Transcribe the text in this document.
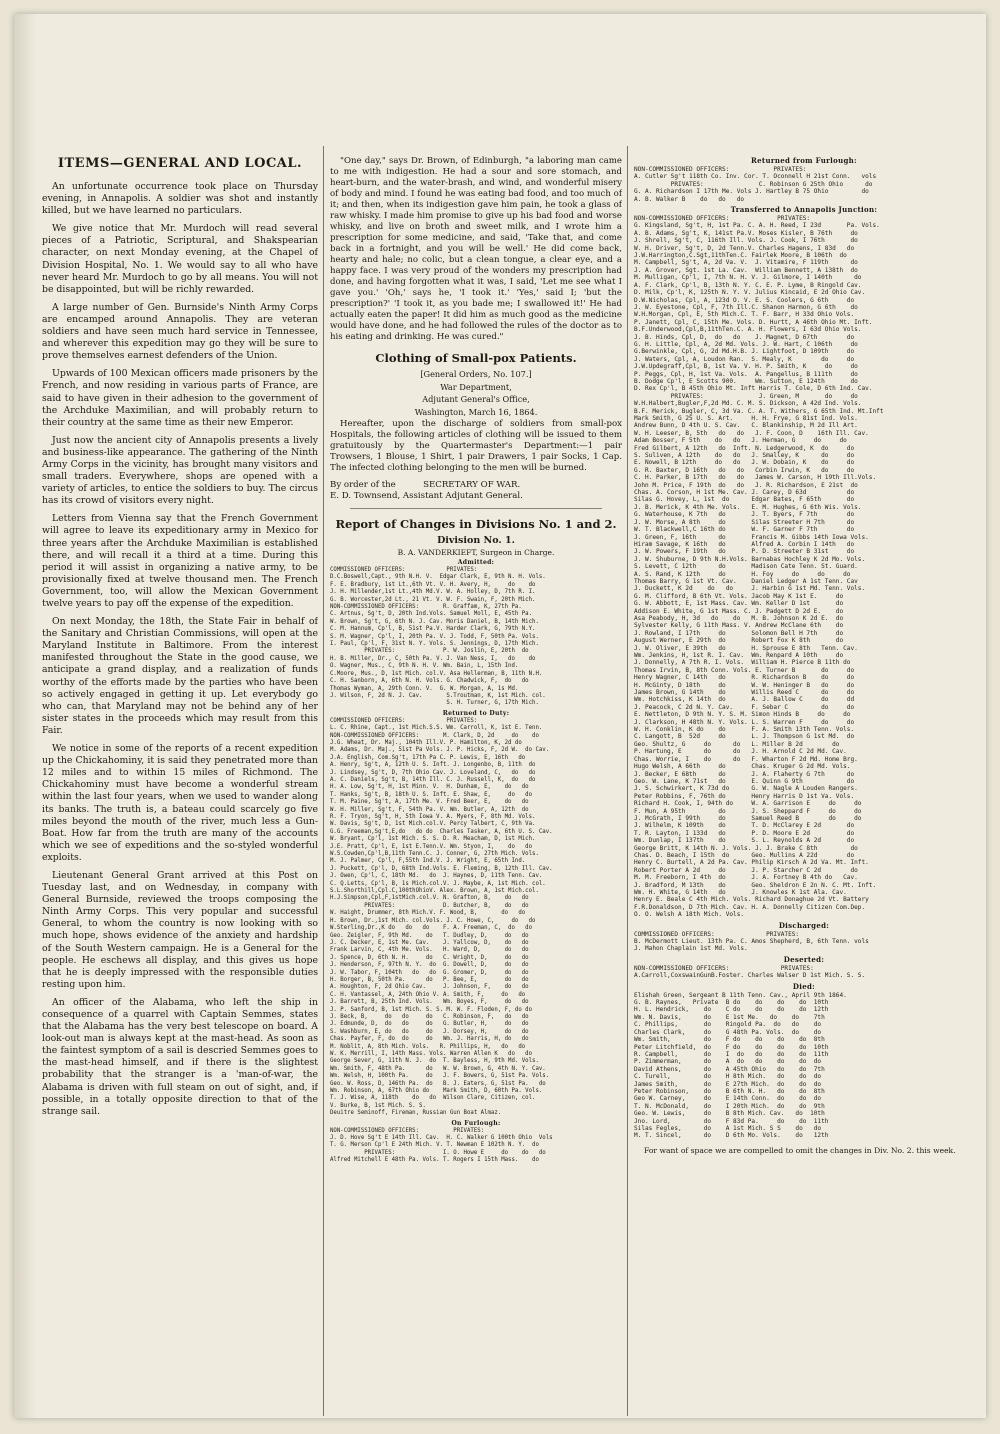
ITEMS—GENERAL AND LOCAL.

An unfortunate occurrence took place on Thursday evening, in Annapolis. A soldier was shot and instantly killed, but we have learned no particulars.

We give notice that Mr. Murdoch will read several pieces of a Patriotic, Scriptural, and Shakspearian character, on next Monday evening, at the Chapel of Division Hospital, No. 1. We would say to all who have never heard Mr. Murdoch to go by all means. You will not be disappointed, but will be richly rewarded.

A large number of Gen. Burnside's Ninth Army Corps are encamped around Annapolis. They are veteran soldiers and have seen much hard service in Tennessee, and wherever this expedition may go they will be sure to prove themselves earnest defenders of the Union.

Upwards of 100 Mexican officers made prisoners by the French, and now residing in various parts of France, are said to have given in their adhesion to the government of the Archduke Maximilian, and will probably return to their country at the same time as their new Emperor.

Just now the ancient city of Annapolis presents a lively and business-like appearance. The gathering of the Ninth Army Corps in the vicinity, has brought many visitors and small traders. Everywhere, shops are opened with a variety of articles, to entice the soldiers to buy. The circus has its crowd of visitors every night.

Letters from Vienna say that the French Government will agree to leave its expeditionary army in Mexico for three years after the Archduke Maximilian is established there, and will recall it a third at a time. During this period it will assist in organizing a native army, to be provisionally fixed at twelve thousand men. The French Government, too, will allow the Mexican Government twelve years to pay off the expense of the expedition.

On next Monday, the 18th, the State Fair in behalf of the Sanitary and Christian Commissions, will open at the Maryland Institute in Baltimore. From the interest manifested throughout the State in the good cause, we anticipate a grand display, and a realization of funds worthy of the efforts made by the parties who have been so actively engaged in getting it up. Let everybody go who can, that Maryland may not be behind any of her sister states in the proceeds which may result from this Fair.

We notice in some of the reports of a recent expedition up the Chickahominy, it is said they penetrated more than 12 miles and to within 15 miles of Richmond. The Chickahominy must have become a wonderful stream within the last four years, when we used to wander along its banks. The truth is, a bateau could scarcely go five miles beyond the mouth of the river, much less a Gun-Boat. How far from the truth are many of the accounts which we see of expeditions and the so-styled wonderful exploits.

Lieutenant General Grant arrived at this Post on Tuesday last, and on Wednesday, in company with General Burnside, reviewed the troops composing the Ninth Army Corps. This very popular and successful General, to whom the country is now looking with so much hope, shows evidence of the anxiety and hardship of the South Western campaign. He is a General for the people. He eschews all display, and this gives us hope that he is deeply impressed with the responsible duties resting upon him.

An officer of the Alabama, who left the ship in consequence of a quarrel with Captain Semmes, states that the Alabama has the very best telescope on board. A look-out man is always kept at the mast-head. As soon as the faintest symptom of a sail is descried Semmes goes to the mast-head himself, and if there is the slightest probability that the stranger is a 'man-of-war, the Alabama is driven with full steam on out of sight, and, if possible, in a totally opposite direction to that of the strange sail.

"One day," says Dr. Brown, of Edinburgh, "a laboring man came to me with indigestion. He had a sour and sore stomach, and heart-burn, and the water-brash, and wind, and wonderful misery of body and mind. I found he was eating bad food, and too much of it; and then, when its indigestion gave him pain, he took a glass of raw whisky. I made him promise to give up his bad food and worse whisky, and live on broth and sweet milk, and I wrote him a prescription for some medicine, and said, 'Take that, and come back in a fortnight, and you will be well.' He did come back, hearty and hale; no colic, but a clean tongue, a clear eye, and a happy face. I was very proud of the wonders my prescription had done, and having forgotten what it was, I said, 'Let me see what I gave you.' 'Oh,' says he, 'I took it.' 'Yes,' said I; 'but the prescription?' 'I took it, as you bade me; I swallowed it!' He had actually eaten the paper! It did him as much good as the medicine would have done, and he had followed the rules of the doctor as to his eating and drinking. He was cured."

Clothing of Small-pox Patients.
[General Orders, No. 107.]
War Department,
Adjutant General's Office,
Washington, March 16, 1864.

Hereafter, upon the discharge of soldiers from small-pox Hospitals, the following articles of clothing will be issued to them gratuitously by the Quartermaster's Department:—1 pair Trowsers, 1 Blouse, 1 Shirt, 1 pair Drawers, 1 pair Socks, 1 Cap. The infected clothing belonging to the men will be burned.

By order of the          SECRETARY OF WAR.

E. D. Townsend, Assistant Adjutant General.

Report of Changes in Divisions No. 1 and 2.
Division No. 1.
B. A. VANDERKIEFT, Surgeon in Charge.
Admitted:
COMMISSIONED OFFICERS:            PRIVATES:
D.C.Boswell,Capt., 9th N.H. V.  Edgar Clark, E, 9th N. H. Vols.
F. E. Bradbury, 1st Lt.,6th Vt. V. H. Avery, H,     do    do
J. H. Millender,1st Lt.,4th Md.V. W. A. Holley, D, 7th R. I.
G. B. Worcester,2d Lt., 21 Vt. V. W. F. Swain, F, 20th Mich.
NON-COMMISSIONED OFFICERS:       R. Graffam, K, 27th Pa.
C. Artnus, Sg't, D, 20th Ind.Vols. Samuel Moll, E, 45th Pa.
W. Brown, Sg't, G, 6th N. J. Cav. Moris Daniel, B, 14th Mich.
C. M. Hannum, Cp'l, B, 51st Pa.V. Harder Clark, G, 79th N.Y.
S. M. Wagner, Cp'l, I, 20th Pa. V. J. Todd, F, 50th Pa. Vols.
I. Paul, Cp'l, F, 31st N. Y. Vols. S. Jennings, D, 17th Mich.
PRIVATES:              P. W. Joslin, E, 20th  do
H. B. Miller, Dr., C, 50th Pa. V. J. Van Ness, I,   do    do
O. Wagner, Mus., C, 9th N. H. V. Wm. Bain, L, 15th Ind.
C.Moore, Mus., D, 1st Mich. col.V. Asa Hellerman, B, 11th N.H.
C. H. Sanborn, A, 6th N. H. Vols. G. Chadwick, F,  do   do
Thomas Wyman, A, 29th Conn. V.  G. W. Morgan, A, 1s Md.
J. Wilson, F, 2d N. J. Cav.       S.Troutman, K, 1st Mich. col.
S. H. Turner, G, 17th Mich.
Returned to Duty:
COMMISSIONED OFFICERS:            PRIVATES:
L. C. Rhine, Capt., 1st Mich.S.S. Wm. Carroll, K, 1st E. Tenn.
NON-COMMISSIONED OFFICERS:       M. Clark, D, 2d     do    do
J.G. Wheat, Dr. Maj., 104th Ill.V. P. Hamilton, K, 2d do
M. Adams, Dr. Maj., 51st Pa Vols. J. P. Hicks, F, 2d W.  do Cav.
J.A. English, Com.Sg't, 17th Pa C. P. Lewis, E, 16th   do
A. Henry, Sg't, A, 12th U. S. Inft. J. Longenbo, B, 11th  do
J. Lindsey, Sg't, D, 7th Ohio Cav. J. Loveland, C,   do   do
A. C. Daniels, Sg't, B, 14th Ill. C. J. Russell, K,  do   do
H. A. Low, Sg't, H, 1st Minn. V.  H. Dunham, E,    do   do
T. Hanks, Sg't, B, 18th U. S. Inft. E. Shaw, E,     do   do
T. M. Paine, Sg't, A, 17th Me. V. Fred Beer, E,    do   do
W. H. Miller, Sg't, F, 54th Pa. V. Wm. Butler, A, 12th  do
R. F. Tryon, Sg't, H, 5th Iowa V. A. Myers, F, 8th Md. Vols.
W. Davis, Sg't, D, 1st Mich.col.V. Percy Talbert, C, 9th Va.
G.G. Freeman,Sg't,E,do   do do  Charles Tasker, A, 6th U. S. Cav.
W. Bryant, Cp'l, 1st Mich. S. S. D. R. Meacham, D, 1st Mich.
J.E. Pratt, Cp'l, E, 1st E.Tenn.V. Wm. Styon, I,    do   do
W.S.Cowden,Cp'l,B,11th Tenn.C. J. Conner, G, 27th Mich. Vols.
M. J. Palmer, Cp'l, F,55th Ind.V. J. Wright, E, 65th Ind.
J. Puckett, Cp'l, D, 68th Ind.Vols. E. Fleming, B, 12th Ill. Cav.
J. Owen, Cp'l, C, 18th Md.   do  J. Haynes, D, 11th Tenn. Cav.
C. Q.Letts, Cp'l, B, 1s Mich.col.V. J. Maybe, A, 1st Mich. col.
S.L.Shorthill,Cpl.C,100thOhioV. Alex. Brown, A, 1st Mich.col.
H.J.Simpson,Cpl,F,1stMich.col.V. N. Grafton, B,    do   do
PRIVATES:              D. Butcher, B,    do   do
W. Haight, Drummer, 8th Mich.V. F. Wood, B,       do   do
H. Brown, Dr.,1st Mich. col.Vols. J. C. Howe, C,     do   do
W.Sterling,Dr.,K do   do   do    F. A. Freeman, C,  do   do
Geo. Zeigler, F, 9th Md.    do   T. Dudley, D,     do   do
J. C. Decker, E, 1st Me. Cav.    J. Yallcow, D,    do   do
Frank Larvin, C, 4th Me. Vols.   H. Ward, D,       do   do
J. Spence, D, 6th N. H.     do   C. Wright, D,     do   do
J. Henderson, F, 97th N. Y.  do  G. Dowell, D,     do   do
J. W. Tabor, F, 104th   do   do  G. Gromer, D,     do   do
H. Borger, B, 50th Pa.      do   P. Bee, E,        do   do
A. Houghton, F, 2d Ohio Cav.     J. Johnson, F,    do   do
C. H. Vantassel, A, 24th Ohio V. A. Smith, F,     do   do
J. Barrett, B, 25th Ind. Vols.   Wm. Boyes, F,     do   do
J. P. Sanford, B, 1st Mich. S. S. M. W. F. Floden, F, do do
J. Beck, B,     do   do     do   C. Robinson, F,   do   do
J. Edmunde, D,  do   do     do   G. Butler, H,     do   do
S. Washburn, E, do   do     do   J. Dorsey, H,     do   do
Chas. Payfer, F, do  do     do   Wm. J. Harris, H, do   do
M. Noblit, A, 8th Mich. Vols.   R. Phillips, H,   do   do
W. K. Merrill, I, 14th Mass. Vols. Warren Allen K   do   do
George Sever, G, 11th N. J.  do  T. Bayless, H, 9th Md. Vols.
Wm. Smith, F, 48th Pa.      do   W. W. Brown, G, 4th N. Y. Cav.
Wm. Welsh, H, 100th Pa.     do   J. F. Bowers, G, 51st Pa. Vols.
Geo. W. Ross, D, 146th Pa.  do   B. J. Eaters, G, 51st Pa.   do
Wm. Robinson, A, 67th Ohio do    Mark Smith, D, 60th Pa. Vols.
T. J. Wise, A, 118th    do   do  Wilson Clare, Citizen, col.
V. Burke, B, 1st Mich. S. S.
Deuitre Seminoff, Fireman, Russian Gun Boat Almaz.
On Furlough:
NON-COMMISSIONED OFFICERS:          PRIVATES:
J. D. Hove Sg't E 14th Ill. Cav.  H. C. Walker G 100th Ohio  Vols
T. G. Merson Cp'l E 24th Mich. V. T. Newman E 102th N. Y.  do
PRIVATES:              I. O. Howe E     do    do   do
Alfred Mitchell E 48th Pa. Vols. T. Rogers I 15th Mass.    do
Returned from Furlough:
NON-COMMISSIONED OFFICERS:            PRIVATES:
A. Cutler Sg't 118th Co. Inv. Cor. T. Oconnell H 21st Conn.   vols
PRIVATES:               C. Robinson G 25th Ohio      do
G. A. Richardson I 17th Me. Vols J. Hartley B 75 Ohio         do
A. B. Walker B    do   do   do
Transferred to Annapolis Junction:
NON-COMMISSIONED OFFICERS:             PRIVATES:
G. Kingsland, Sg't, H, 1st Pa. C. A. H. Reed, I 23d       Pa. Vols.
A. B. Adams, Sg't, K, 141st Pa.V. Moses Kisler, B 76th     do
J. Shrell, Sg't, C, 116th Ill. Vols. J. Cook, I 76th       do
W. H. Driver, Sg't, D, 2d Tenn.V. Charles Hagens, I 83d   do
J.W.Harrington,C.Sgt,11thTen.C. Fairlek Moore, B 106th  do
M. Campbell, Sg't, A, 2d Va. V.  J. Vitamire, F 119th      do
J. A. Grover, Sgt. 1st La. Cav.  William Bennett, A 138th  do
M. Mulligan, Cp'l, I, 7th N. H. V. J. Gilmore, I 140th      do
A. F. Clark, Cp'l, B, 13th N. Y. C. E. P. Lyme, B Ringold Cav.
D. Milk, Cp'l, K, 125th N. Y. V. Julius Kincaid, E 2d Ohio Cav.
D.W.Nicholas, Cpl, A, 123d O. V. E. S. Coolers, G 6th     do
J. W. Eyestone, Cpl, F, 7th Ill.C. Shanon Harmon, G 6th    do
W.H.Morgan, Cpl, E, 5th Mich.C. T. F. Barr, H 33d Ohio Vols.
P. Janett, Cpl, C, 15th Me. Vols. D. Hurtt, A 46th Ohio Mt. Inft.
B.F.Underwood,Cpl,B,11thTen.C. A. H. Flowers, I 63d Ohio Vols.
J. B. Hinds, Cpl, D,  do   do    J. Magnet, D 67th        do
G. H. Little, Cpl, A, 2d Md. Vols. J. W. Hart, C 106th     do
G.Berwinkle, Cpl, G, 2d Md.H.B. J. Lightfoot, D 109th     do
J. Waters, Cpl, A, Loudon Ran.  S. Mealy, K        do     do
J.W.Updegraff,Cpl, B, 1st Va. V. H. P. Smith, K     do     do
P. Peggs, Cpl, H, 1st Va. Vols.  A. Pangellus, B 111th     do
B. Dodge Cp'l, E Scotts 900.     Wm. Sutton, E 124th       do
D. Rex Cp'l, B 45th Ohio Mt. Inft Harris T. Cole, D 6th Ind. Cav.
PRIVATES:               J. Green, M       do     do
W.H.Halbert,Bugler,F,2d Md. C. M. S. Dickson, A 42d Ind. Vols.
B.F. Merick, Bugler, C, 3d Va. C. A. T. Withers, G 65th Ind. Mt.Inft
Mark Smith, G 25 U. S. Art.     H. H. Frye, G 81st Ind. Vols.
Andrew Bunn, D 4th U. S. Cav.   C. Blankinship, M 2d Ill Art.
W. H. Leeser, B, 5th   do   do   J. F. Coon, D    16th Ill. Cav.
Adam Bosser, F 5th    do   do   J. Herman, G     do     do
Fred Gilbert, A 12th   do  Inft. N. Ledgerwood, K  do     do
S. Suliven, A 12th    do   do   J. Smalley, K      do     do
E. Nowell, B 12th     do   do   J. W. Dobain, K    do     do
G. R. Baxter, D 16th   do   do   Corbin Irwin, K   do     do
C. H. Parker, B 17th   do   do   James W. Carson, H 19th Ill.Vols.
John M. Price, F 19th  do   do   J. R. Richardson, E 21st  do
Chas. A. Corson, H 1st Me. Cav. J. Carey, D 63d           do
Silas G. Hovey, L, 1st  do      Edgar Bates, F 65th       do
J. B. Merick, K 4th Me. Vols.   E. M. Hughes, G 6th Wis. Vols.
G. Waterhouse, K 7th   do       J. T. Byers, F 7th        do
J. W. Morse, A 8th     do       Silas Streeter H 7th      do
W. T. Blackwell,C 16th do       W. F. Garner F 7th        do
J. Green, F, 16th      do       Francis M. Gibbs 14th Iowa Vols.
Hiram Savage, K 16th   do       Alfred A. Corbin I 14th   do
J. W. Powers, F 19th   do       P. D. Streeter B 31st     do
J. W. Shuburne, D 9th N.H.Vols. Barnabas Hochley K 2d Mo. Vols.
S. Levett, C 12th      do       Madison Cate Tenn. St. Guard.
A. S. Rand, K 12th     do       H. Foy     do     do     do
Thomas Barry, G 1st Vt. Cav.    Daniel Ledger A 1st Tenn. Cav
J. Duckett, K 2d    do   do     J. Harbin G 1st Md. Tenn. Vols.
G. M. Clifford, B 6th Vt. Vols. Jacob May K 1st E.     do
G. W. Abbott, E, 1st Mass. Cav. Wm. Keller D 1st       do
Addison E. White, G 1st Mass. C. J. Padgett D 2d E.    do
Asa Peabody, H, 3d   do    do   M. B. Johnson K 2d E.  do
Sylvester Kelly, G 11th Mass. V. Andrew McClane 6th    do
J. Rowland, I 17th     do       Solomon Bell H 7th     do
August Werner, E 29th  do       Robert Fox K 8th       do
J. W. Oliver, E 39th   do       H. Sprouse E 8th   Tenn. Cav.
Wm. Jenkins, H, 1st R. I. Cav.  Wm. Renpard A 10th     do
J. Donnelly, A 7th R. I. Vols.  William H. Pierce B 11th do
Thomas Irvin, B, 8th Conn. Vols. E. Turner B       do     do
Henry Wagner, C 14th   do       R. Richardson B    do     do
H. McGinty, D 18th     do       W. W. Heninger B   do     do
James Brown, G 14th    do       Willis Reed C      do     do
Wm. Hotchkiss, K 14th  do       A. J. Ballow C     do     dd
J. Peacock, C 2d N. Y. Cav.     F. Sebar C         do     do
E. Nettleton, D 9th N. Y. S. M. Simon Hinds B     do     do
J. Clarkson, H 48th N. Y. Vols. L. S. Warren F     do     do
W. H. Conklin, K do    do       F. A. Smith 13th Tenn. Vols.
C. Langott, B  52d     do       L. J. Thompson G 1st Md.  do
Geo. Shultz, G     do      do   L. Miller B 2d        do
P. Hartung, E      do      do   J. H. Arnold C 2d Md. Cav.
Chas. Worrie, I    do      do   F. Wharton F 2d Md. Home Brg.
Hugo Welsh, A 66th     do       Chas. Kruger G 2d Md. Vols.
J. Becker, E 68th      do       J. A. Flaherty G 7th      do
Geo. W. Lane, K 71st   do       E. Quinn G 9th            do
J. S. Schwirkert, K 73d do      G. W. Nagle A Louden Rangers.
Peter Robbins, F, 76th do       Henry Harris D 1st Va. Vols.
Richard H. Cook, I, 94th do     W. A. Garrison E     do     do
F. Mun, A 95th         do       J. S. Sheppard F     do     do
J. McGrath, I 99th     do       Samuel Reed B        do     do
J. Wilhelm, K 109th    do       T. D. McClarey E 2d       do
T. R. Layton, I 133d   do       P. D. Moore E 2d          do
Wm. Dunlap, I 137th    do       S. L. Reynolds A 2d       do
George Britt, K 14th N. J. Vols. J. J. Brake C 8th         do
Chas. D. Beach, I 15th  do      Geo. Mullins A 22d        do
Henry C. Burtell, A 2d Pa. Cav. Philip Kirsch A 2d Va. Mt. Inft.
Robert Porter A 2d     do       J. P. Starcher C 2d        do
M. M. Freeborn, I 4th  do       J. A. Fortney B 4th do   Cav.
J. Bradford, M 13th    do       Geo. Sheldron E 2n N. C. Mt. Inft.
Wm. H. White, G 14th   do       J. Knowles K 1st Ala. Cav.
Henry E. Beale C 4th Mich. Vols. Richard Donaghue 2d Vt. Battery
F.R.Donaldson, D 7th Mich. Cav. H. A. Donnelly Citizen Com.Dep.
O. O. Welsh A 18th Mich. Vols.
Discharged:
COMMISSIONED OFFICERS:              PRIVATES:
B. McDermott Lieut. 13th Pa. C. Amos Shepherd, B, 6th Tenn. vols
J. Mahon Chaplain 1st Md. Vols.
Deserted:
NON-COMMISSIONED OFFICERS:              PRIVATES:
A.Carroll,CoxswainGunB.Foster. Charles Walser D 1st Mich. S. S.
Died:
Elishah Green, Sergeant B 11th Tenn. Cav., April 9th 1864.
G. B. Raynes,   Private  B do    do    do    do  10th
H. L. Hendrick,    do    C do    do    do    do  12th
Wm. N. Davis,      do    E 1st Me.   do    do    7th
C. Phillips,       do    Ringold Pa.  do   do    do
Charles Clark,     do    G 48th Pa. Vols.  do    do
Wm. Smith,         do    F do    do    do    do  8th
Peter Litchfield,  do    F do    do    do    do  10th
R. Campbell,       do    I  do   do    do    do  11th
P. Zimmerman,      do    A  do   do    do    do  do
David Athens,      do    A 45th Ohio   do    do  7th
C. Turell,         do    H 8th Mich.   do    do  do
James Smith,       do    E 27th Mich.  do    do  do
Peter Robinson,    do    B 6th N. H.   do    do  8th
Geo W. Carney,     do    E 14th Conn.  do    do  do
T. N. McDonald,    do    I 20th Mich.  do    do  9th
Geo. W. Lewis,     do    B 8th Mich. Cav.   do  10th
Jno. Lord,         do    F 83d Pa.     do    do  11th
Silas Fegles,      do    A 1st Mich. S S    do   do
M. T. Sincel,      do    D 6th Mo. Vols.    do   12th

For want of space we are compelled to omit the changes in Div. No. 2. this week.
